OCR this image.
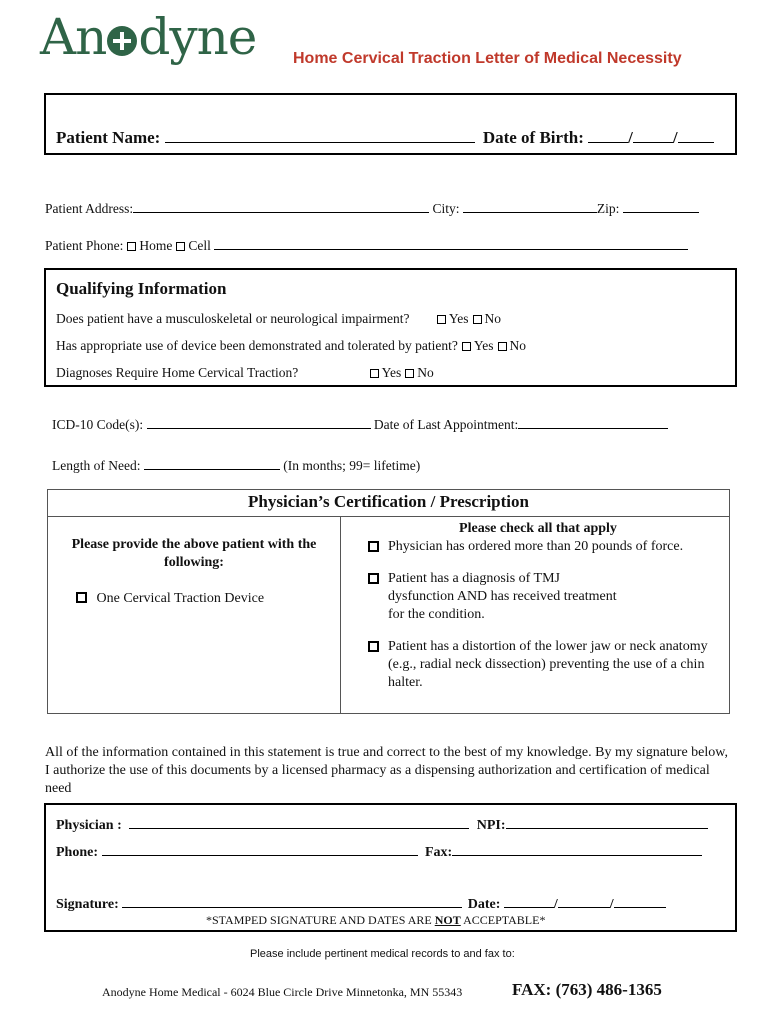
An dyne Home Cervical Traction Letter of Medical Necessity
Patient Name:	Date of Birth:	/ /
Patient Address:	City:	Zip:
Patient Phone: Home Cell
Qualifying Information
Does patient have a musculoskeletal or neurological impairment?	Yes No
Has appropriate use of device been demonstrated and tolerated by patient? Yes No
Diagnoses Require Home Cervical Traction?	Yes No
ICD-10 Code(s):	Date of Last Appointment:
Length of Need:	(In months; 99= lifetime)
Physician’s Certification / Prescription

Please provide the above patient with the following:

One Cervical Traction Device

Please check all that apply

Physician has ordered more than 20 pounds of force.

Patient has a diagnosis of TMJ dysfunction AND has received treatment for the condition.

Patient has a distortion of the lower jaw or neck anatomy (e.g., radial neck dissection) preventing the use of a chin halter.

All of the information contained in this statement is true and correct to the best of my knowledge. By my signature below, I authorize the use of this documents by a licensed pharmacy as a dispensing authorization and certification of medical need

Physician :	NPI:
Phone:	Fax:
Signature:	Date:	/	/
*STAMPED SIGNATURE AND DATES ARE NOT ACCEPTABLE*
Please include pertinent medical records to and fax to:
Anodyne Home Medical - 6024 Blue Circle Drive Minnetonka, MN 55343	FAX: (763) 486-1365
